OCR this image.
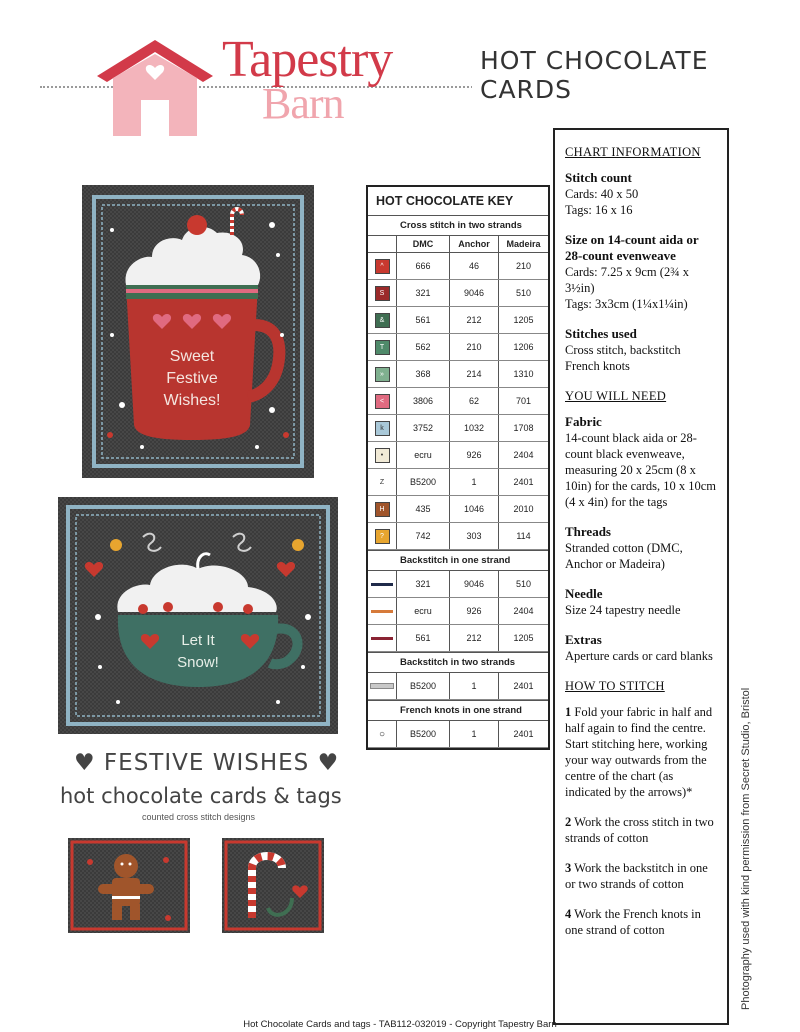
Tapestry
Barn
HOT CHOCOLATE CARDS
Sweet
Festive
Wishes!
Let It
Snow!
♥ FESTIVE WISHES ♥
hot chocolate cards & tags
counted cross stitch designs
HOT CHOCOLATE KEY
Cross stitch in two strands
DMC	Anchor	Madeira
^	666	46	210
S	321	9046	510
&	561	212	1205
T	562	210	1206
»	368	214	1310
<	3806	62	701
k	3752	1032	1708
•	ecru	926	2404
Z	B5200	1	2401
H	435	1046	2010
?	742	303	114
Backstitch in one strand
321	9046	510
ecru	926	2404
561	212	1205
Backstitch in two strands
B5200	1	2401
French knots in one strand
○	B5200	1	2401
CHART INFORMATION
Stitch count

Cards: 40 x 50
Tags: 16 x 16

Size on 14-count aida or 28-count evenweave

Cards: 7.25 x 9cm (2¾ x 3½in)
Tags: 3x3cm (1¼x1¼in)

Stitches used

Cross stitch, backstitch
French knots

YOU WILL NEED
Fabric

14-count black aida or 28-count black evenweave, measuring 20 x 25cm (8 x 10in) for the cards, 10 x 10cm (4 x 4in) for the tags

Threads

Stranded cotton (DMC, Anchor or Madeira)

Needle

Size 24 tapestry needle

Extras

Aperture cards or card blanks

HOW TO STITCH

1 Fold your fabric in half and half again to find the centre. Start stitching here, working your way outwards from the centre of the chart (as indicated by the arrows)*

2 Work the cross stitch in two strands of cotton

3 Work the backstitch in one or two strands of cotton

4 Work the French knots in one strand of cotton	Photography used with kind permission from Secret Studio, Bristol
Hot Chocolate Cards and tags - TAB112-032019 - Copyright Tapestry Barn
